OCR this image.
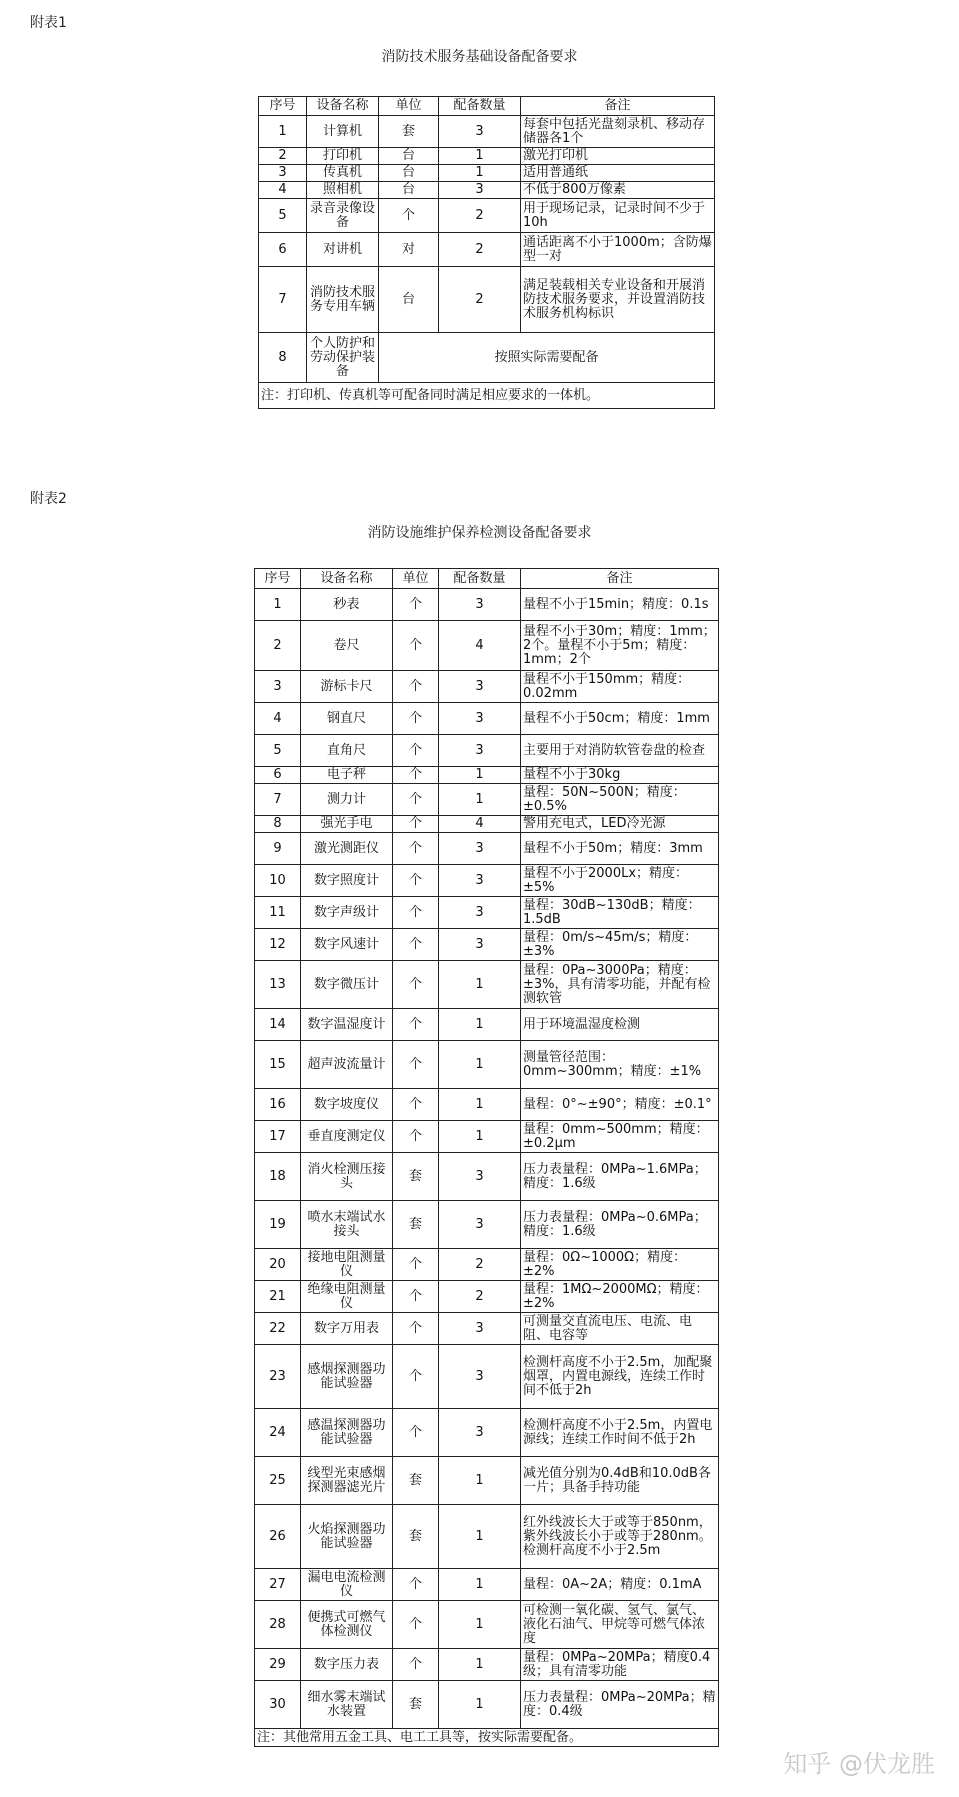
附表1
消防技术服务基础设备配备要求
序号	设备名称	单位	配备数量	备注
1	计算机	套	3	每套中包括光盘刻录机、移动存储器各1个
2	打印机	台	1	激光打印机
3	传真机	台	1	适用普通纸
4	照相机	台	3	不低于800万像素
5	录音录像设备	个	2	用于现场记录，记录时间不少于10h
6	对讲机	对	2	通话距离不小于1000m；含防爆型一对
7	消防技术服务专用车辆	台	2	满足装载相关专业设备和开展消防技术服务要求，并设置消防技术服务机构标识
8	个人防护和劳动保护装备	按照实际需要配备		
注：打印机、传真机等可配备同时满足相应要求的一体机。				
附表2
消防设施维护保养检测设备配备要求
序号	设备名称	单位	配备数量	备注
1	秒表	个	3	量程不小于15min；精度：0.1s
2	卷尺	个	4	量程不小于30m；精度：1mm；2个。量程不小于5m；精度：1mm；2个
3	游标卡尺	个	3	量程不小于150mm；精度：0.02mm
4	钢直尺	个	3	量程不小于50cm；精度：1mm
5	直角尺	个	3	主要用于对消防软管卷盘的检查
6	电子秤	个	1	量程不小于30kg
7	测力计	个	1	量程：50N~500N；精度：±0.5%
8	强光手电	个	4	警用充电式，LED冷光源
9	激光测距仪	个	3	量程不小于50m；精度：3mm
10	数字照度计	个	3	量程不小于2000Lx；精度：±5%
11	数字声级计	个	3	量程：30dB~130dB；精度：1.5dB
12	数字风速计	个	3	量程：0m/s~45m/s；精度：±3%
13	数字微压计	个	1	量程：0Pa~3000Pa；精度：±3%，具有清零功能，并配有检测软管
14	数字温湿度计	个	1	用于环境温湿度检测
15	超声波流量计	个	1	测量管径范围：0mm~300mm；精度：±1%
16	数字坡度仪	个	1	量程：0°~±90°；精度：±0.1°
17	垂直度测定仪	个	1	量程：0mm~500mm；精度：±0.2μm
18	消火栓测压接头	套	3	压力表量程：0MPa~1.6MPa；精度：1.6级
19	喷水末端试水接头	套	3	压力表量程：0MPa~0.6MPa；精度：1.6级
20	接地电阻测量仪	个	2	量程：0Ω~1000Ω；精度：±2%
21	绝缘电阻测量仪	个	2	量程：1MΩ~2000MΩ；精度：±2%
22	数字万用表	个	3	可测量交直流电压、电流、电阻、电容等
23	感烟探测器功能试验器	个	3	检测杆高度不小于2.5m，加配聚烟罩，内置电源线，连续工作时间不低于2h
24	感温探测器功能试验器	个	3	检测杆高度不小于2.5m，内置电源线；连续工作时间不低于2h
25	线型光束感烟探测器滤光片	套	1	减光值分别为0.4dB和10.0dB各一片；具备手持功能
26	火焰探测器功能试验器	套	1	红外线波长大于或等于850nm，紫外线波长小于或等于280nm。检测杆高度不小于2.5m
27	漏电电流检测仪	个	1	量程：0A~2A；精度：0.1mA
28	便携式可燃气体检测仪	个	1	可检测一氧化碳、氢气、氯气、液化石油气、甲烷等可燃气体浓度
29	数字压力表	个	1	量程：0MPa~20MPa；精度0.4级；具有清零功能
30	细水雾末端试水装置	套	1	压力表量程：0MPa~20MPa；精度：0.4级
注：其他常用五金工具、电工工具等，按实际需要配备。				
知乎 @伏龙胜
